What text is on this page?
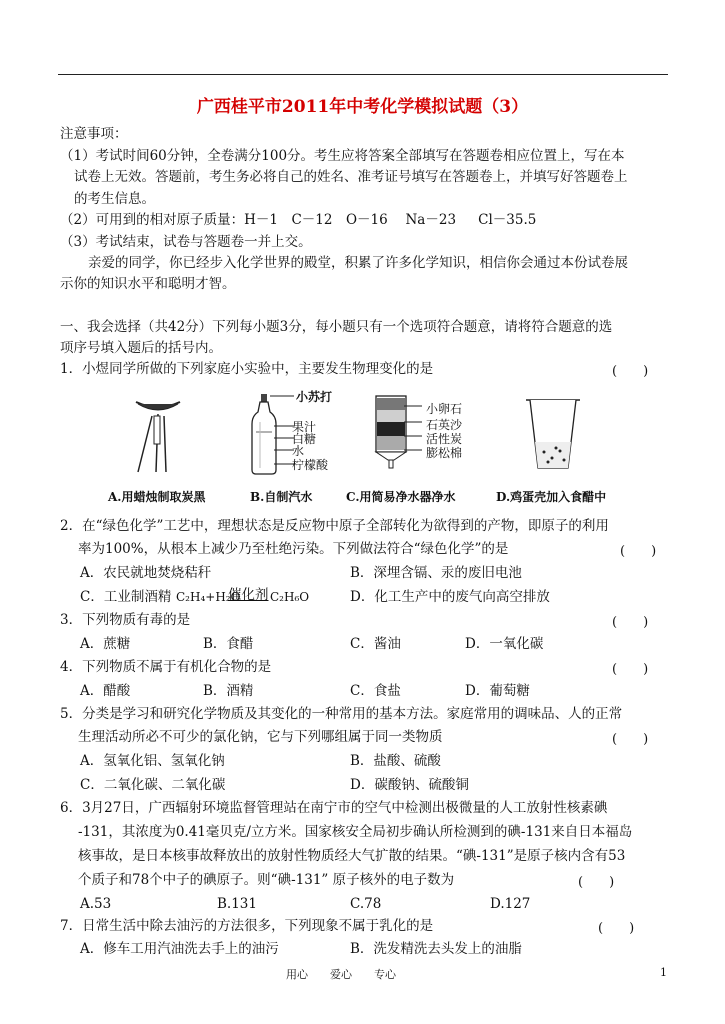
广西桂平市2011年中考化学模拟试题（3）
注意事项：
（1）考试时间60分钟，全卷满分100分。考生应将答案全部填写在答题卷相应位置上，写在本
试卷上无效。答题前，考生务必将自己的姓名、准考证号填写在答题卷上，并填写好答题卷上
的考生信息。
（2）可用到的相对原子质量：H－1　C－12　O－16　 Na－23 　 Cl－35.5
（3）考试结束，试卷与答题卷一并上交。
亲爱的同学，你已经步入化学世界的殿堂，积累了许多化学知识，相信你会通过本份试卷展
示你的知识水平和聪明才智。
一、我会选择（共42分）下列每小题3分，每小题只有一个选项符合题意，请将符合题意的选
项序号填入题后的括号内。
1．小煜同学所做的下列家庭小实验中，主要发生物理变化的是	(　　)
小苏打
果汁
白糖
水
柠檬酸
小卵石
石英沙
活性炭
膨松棉
A.用蜡烛制取炭黑	B.自制汽水	C.用简易净水器净水	D.鸡蛋壳加入食醋中
2．在“绿色化学”工艺中，理想状态是反应物中原子全部转化为欲得到的产物，即原子的利用
率为100%，从根本上减少乃至杜绝污染。下列做法符合“绿色化学”的是	(　　)
A．农民就地焚烧秸秆	B．深埋含镉、汞的废旧电池
C．工业制酒精 C₂H₄+H₂O
催化剂 C₂H₆O	D．化工生产中的废气向高空排放
3．下列物质有毒的是	(　　)
A．蔗糖	B．食醋	C．酱油	D．一氧化碳
4．下列物质不属于有机化合物的是	(　　)
A．醋酸	B．酒精	C．食盐	D．葡萄糖
5．分类是学习和研究化学物质及其变化的一种常用的基本方法。家庭常用的调味品、人的正常
生理活动所必不可少的氯化钠，它与下列哪组属于同一类物质	(　　)
A．氢氧化铝、氢氧化钠	B．盐酸、硫酸
C．二氧化碳、二氧化碳	D．碳酸钠、硫酸铜
6．3月27日，广西辐射环境监督管理站在南宁市的空气中检测出极微量的人工放射性核素碘
-131，其浓度为0.41毫贝克/立方米。国家核安全局初步确认所检测到的碘-131来自日本福岛
核事故，是日本核事故释放出的放射性物质经大气扩散的结果。“碘-131”是原子核内含有53
个质子和78个中子的碘原子。则“碘-131” 原子核外的电子数为	(　　)
A.53	B.131	C.78	D.127
7．日常生活中除去油污的方法很多，下列现象不属于乳化的是	(　　)
A．修车工用汽油洗去手上的油污	B．洗发精洗去头发上的油脂
用心　　爱心　　专心	1
